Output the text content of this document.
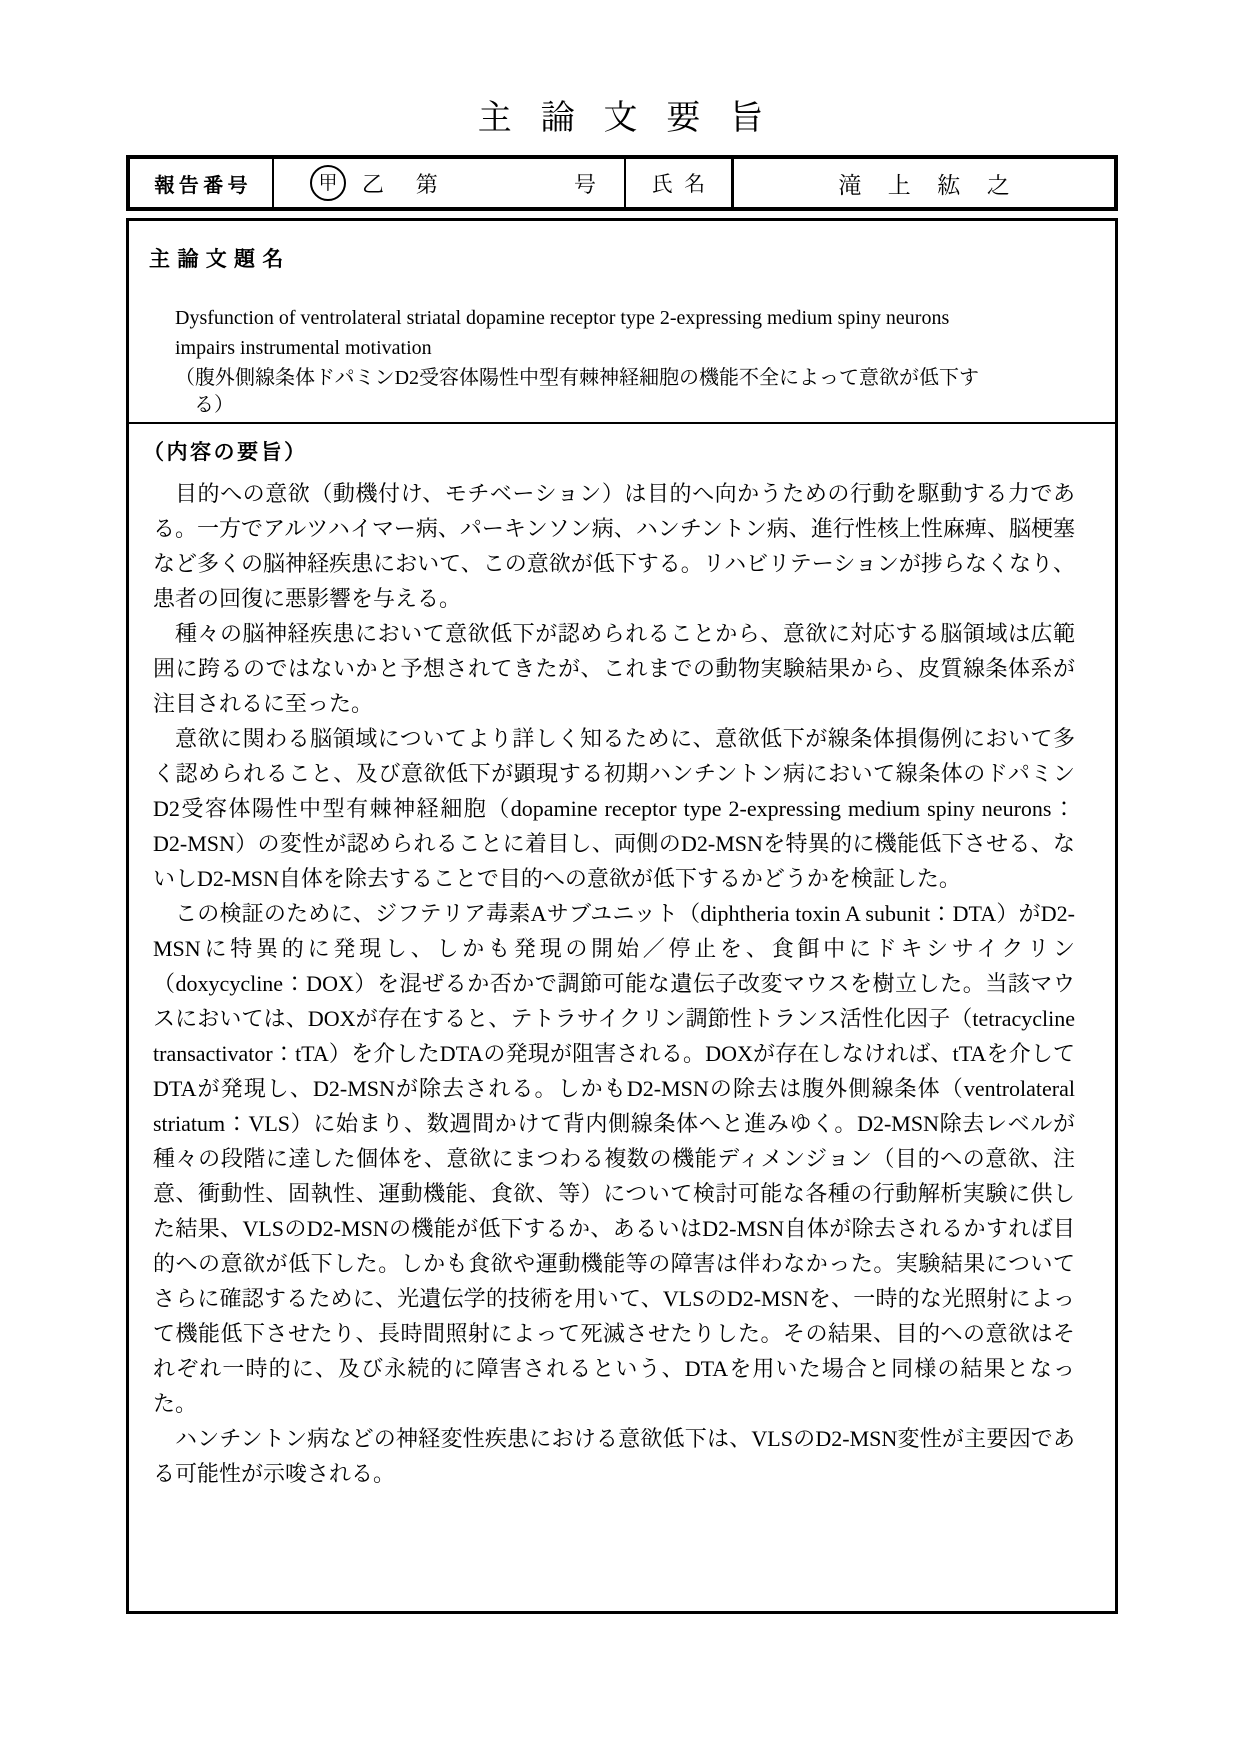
主論文要旨
報告番号	甲	乙 第	号	氏名	滝上紘之
主論文題名

Dysfunction of ventrolateral striatal dopamine receptor type 2-expressing medium spiny neurons impairs instrumental motivation

（腹外側線条体ドパミンD2受容体陽性中型有棘神経細胞の機能不全によって意欲が低下する）

（内容の要旨）

目的への意欲（動機付け、モチベーション）は目的へ向かうための行動を駆動する力である。一方でアルツハイマー病、パーキンソン病、ハンチントン病、進行性核上性麻痺、脳梗塞など多くの脳神経疾患において、この意欲が低下する。リハビリテーションが捗らなくなり、患者の回復に悪影響を与える。

種々の脳神経疾患において意欲低下が認められることから、意欲に対応する脳領域は広範囲に跨るのではないかと予想されてきたが、これまでの動物実験結果から、皮質線条体系が注目されるに至った。

意欲に関わる脳領域についてより詳しく知るために、意欲低下が線条体損傷例において多く認められること、及び意欲低下が顕現する初期ハンチントン病において線条体のドパミンD2受容体陽性中型有棘神経細胞（dopamine receptor type 2-expressing medium spiny neurons：D2-MSN）の変性が認められることに着目し、両側のD2-MSNを特異的に機能低下させる、ないしD2-MSN自体を除去することで目的への意欲が低下するかどうかを検証した。

この検証のために、ジフテリア毒素Aサブユニット（diphtheria toxin A subunit：DTA）がD2-MSNに特異的に発現し、しかも発現の開始／停止を、食餌中にドキシサイクリン（doxycycline：DOX）を混ぜるか否かで調節可能な遺伝子改変マウスを樹立した。当該マウスにおいては、DOXが存在すると、テトラサイクリン調節性トランス活性化因子（tetracycline transactivator：tTA）を介したDTAの発現が阻害される。DOXが存在しなければ、tTAを介してDTAが発現し、D2-MSNが除去される。しかもD2-MSNの除去は腹外側線条体（ventrolateral striatum：VLS）に始まり、数週間かけて背内側線条体へと進みゆく。D2-MSN除去レベルが種々の段階に達した個体を、意欲にまつわる複数の機能ディメンジョン（目的への意欲、注意、衝動性、固執性、運動機能、食欲、等）について検討可能な各種の行動解析実験に供した結果、VLSのD2-MSNの機能が低下するか、あるいはD2-MSN自体が除去されるかすれば目的への意欲が低下した。しかも食欲や運動機能等の障害は伴わなかった。実験結果についてさらに確認するために、光遺伝学的技術を用いて、VLSのD2-MSNを、一時的な光照射によって機能低下させたり、長時間照射によって死滅させたりした。その結果、目的への意欲はそれぞれ一時的に、及び永続的に障害されるという、DTAを用いた場合と同様の結果となった。

ハンチントン病などの神経変性疾患における意欲低下は、VLSのD2-MSN変性が主要因である可能性が示唆される。
